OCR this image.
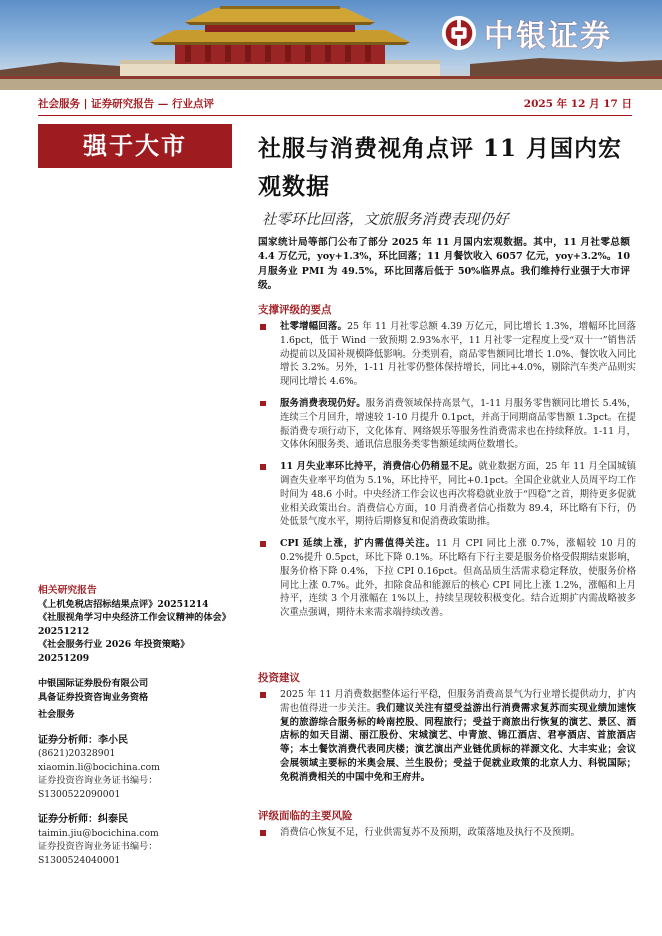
中银证券
社会服务 | 证券研究报告 — 行业点评	2025 年 12 月 17 日
强于大市	社服与消费视角点评 11 月国内宏观数据
社零环比回落，文旅服务消费表现仍好
国家统计局等部门公布了部分 2025 年 11 月国内宏观数据。其中，11 月社零总额 4.4 万亿元，yoy+1.3%，环比回落；11 月餐饮收入 6057 亿元，yoy+3.2%。10 月服务业 PMI 为 49.5%，环比回落后低于 50%临界点。我们维持行业强于大市评级。
支撑评级的要点
社零增幅回落。25 年 11 月社零总额 4.39 万亿元，同比增长 1.3%，增幅环比回落 1.6pct，低于 Wind 一致预期 2.93%水平，11 月社零一定程度上受“双十一”销售活动提前以及国补规模降低影响。分类别看，商品零售额同比增长 1.0%、餐饮收入同比增长 3.2%。另外，1-11 月社零仍整体保持增长，同比+4.0%，剔除汽车类产品则实现同比增长 4.6%。
服务消费表现仍好。服务消费领域保持高景气，1-11 月服务零售额同比增长 5.4%，连续三个月回升，增速较 1-10 月提升 0.1pct，并高于同期商品零售额 1.3pct。在提振消费专项行动下，文化体育、网络娱乐等服务性消费需求也在持续释放。1-11 月，文体休闲服务类、通讯信息服务类零售额延续两位数增长。
11 月失业率环比持平，消费信心仍稍显不足。就业数据方面，25 年 11 月全国城镇调查失业率平均值为 5.1%，环比持平，同比+0.1pct。全国企业就业人员周平均工作时间为 48.6 小时。中央经济工作会议也再次将稳就业放于“四稳”之首，期待更多促就业相关政策出台。消费信心方面，10 月消费者信心指数为 89.4，环比略有下行，仍处低景气度水平，期待后期修复和促消费政策助推。
CPI 延续上涨，扩内需值得关注。11 月 CPI 同比上涨 0.7%，涨幅较 10 月的 0.2%提升 0.5pct，环比下降 0.1%。环比略有下行主要是服务价格受假期结束影响，服务价格下降 0.4%，下拉 CPI 0.16pct。但高品质生活需求稳定释放，使服务价格同比上涨 0.7%。此外，扣除食品和能源后的核心 CPI 同比上涨 1.2%，涨幅和上月持平，连续 3 个月涨幅在 1%以上，持续呈现较积极变化。结合近期扩内需战略被多次重点强调，期待未来需求端持续改善。
投资建议
2025 年 11 月消费数据整体运行平稳，但服务消费高景气为行业增长提供动力，扩内需也值得进一步关注。我们建议关注有望受益游出行消费需求复苏而实现业绩加速恢复的旅游综合服务标的岭南控股、同程旅行；受益于商旅出行恢复的演艺、景区、酒店标的如天目湖、丽江股份、宋城演艺、中青旅、锦江酒店、君亭酒店、首旅酒店等；本土餐饮消费代表同庆楼；演艺演出产业链优质标的祥源文化、大丰实业；会议会展领域主要标的米奥会展、兰生股份；受益于促就业政策的北京人力、科锐国际；免税消费相关的中国中免和王府井。
评级面临的主要风险
消费信心恢复不足，行业供需复苏不及预期，政策落地及执行不及预期。
相关研究报告
《上机免税店招标结果点评》20251214
《社服视角学习中央经济工作会议精神的体会》20251212
《社会服务行业 2026 年投资策略》20251209
中银国际证券股份有限公司
具备证券投资咨询业务资格
社会服务
证券分析师：李小民
(8621)20328901
xiaomin.li@bocichina.com
证券投资咨询业务证书编号：S1300522090001
证券分析师：纠泰民
taimin.jiu@bocichina.com
证券投资咨询业务证书编号：S1300524040001
